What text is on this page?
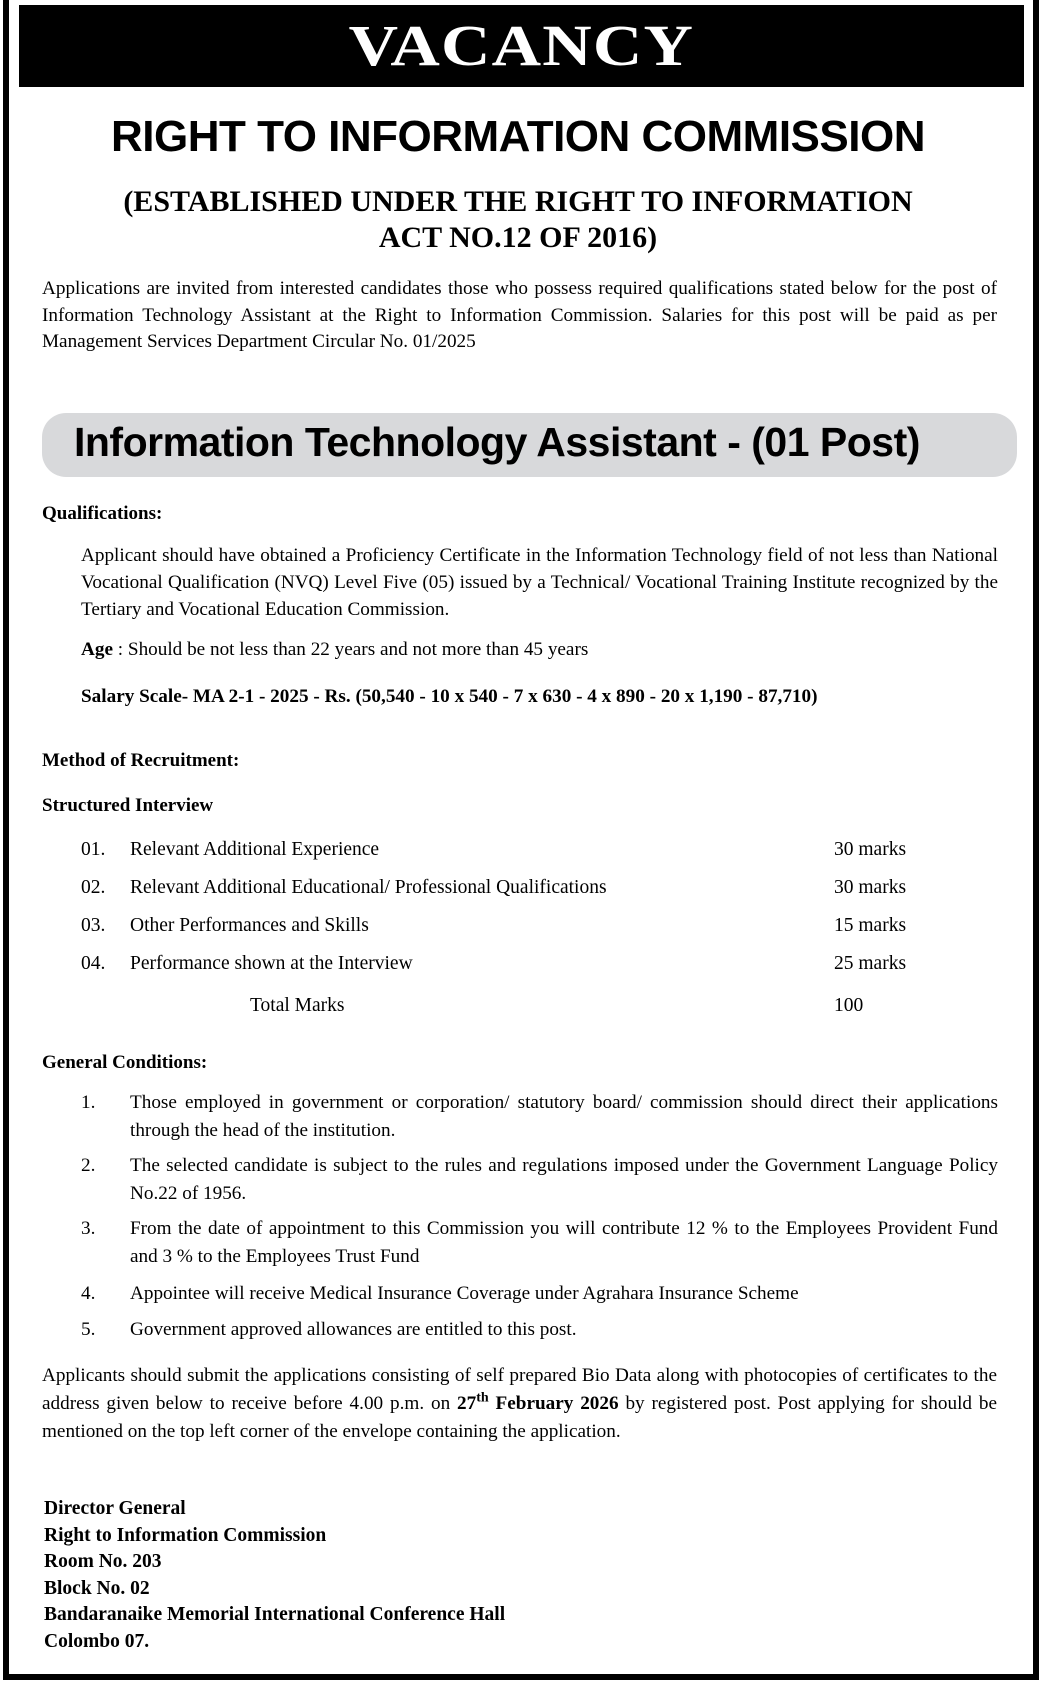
VACANCY
RIGHT TO INFORMATION COMMISSION
(ESTABLISHED UNDER THE RIGHT TO INFORMATION
ACT NO.12 OF 2016)
Applications are invited from interested candidates those who possess required qualifications stated below for the post of Information Technology Assistant at the Right to Information Commission. Salaries for this post will be paid as per Management Services Department Circular No. 01/2025
Information Technology Assistant - (01 Post)
Qualifications:
Applicant should have obtained a Proficiency Certificate in the Information Technology field of not less than National Vocational Qualification (NVQ) Level Five (05) issued by a Technical/ Vocational Training Institute recognized by the Tertiary and Vocational Education Commission.
Age : Should be not less than 22 years and not more than 45 years
Salary Scale- MA 2-1 - 2025 - Rs. (50,540 - 10 x 540 - 7 x 630 - 4 x 890 - 20 x 1,190 - 87,710)
Method of Recruitment:
Structured Interview
01. Relevant Additional Experience	30 marks
02. Relevant Additional Educational/ Professional Qualifications	30 marks
03. Other Performances and Skills	15 marks
04. Performance shown at the Interview	25 marks
Total Marks	100
General Conditions:
1. Those employed in government or corporation/ statutory board/ commission should direct their applications through the head of the institution.
2. The selected candidate is subject to the rules and regulations imposed under the Government Language Policy No.22 of 1956.
3. From the date of appointment to this Commission you will contribute 12 % to the Employees Provident Fund and 3 % to the Employees Trust Fund
4. Appointee will receive Medical Insurance Coverage under Agrahara Insurance Scheme
5. Government approved allowances are entitled to this post.
Applicants should submit the applications consisting of self prepared Bio Data along with photocopies of certificates to the address given below to receive before 4.00 p.m. on 27th February 2026 by registered post. Post applying for should be mentioned on the top left corner of the envelope containing the application.
Director General
Right to Information Commission
Room No. 203
Block No. 02
Bandaranaike Memorial International Conference Hall
Colombo 07.
